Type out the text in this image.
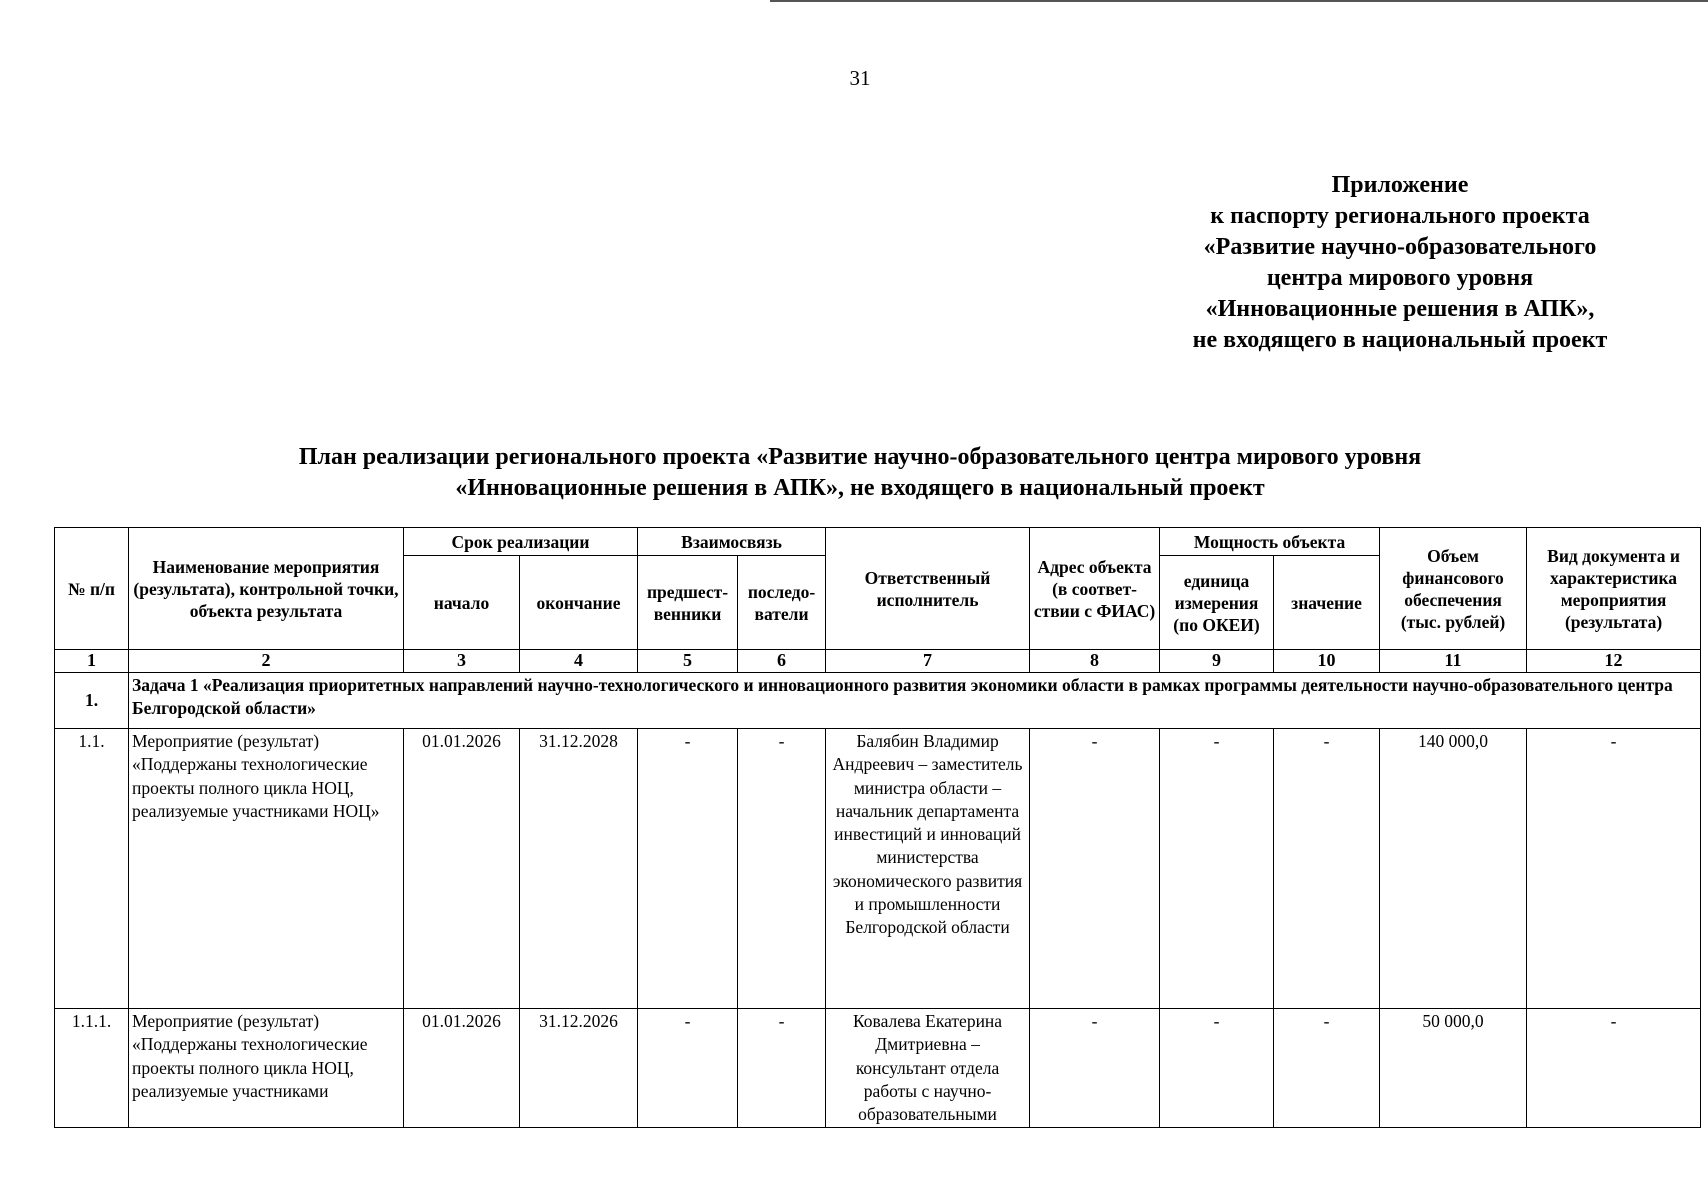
31
Приложение
к паспорту регионального проекта
«Развитие научно-образовательного
центра мирового уровня
«Инновационные решения в АПК»,
не входящего в национальный проект
План реализации регионального проекта «Развитие научно-образовательного центра мирового уровня
«Инновационные решения в АПК», не входящего в национальный проект
№ п/п	Наименование мероприятия (результата), контрольной точки, объекта результата	Срок реализации		Взаимосвязь		Ответственный исполнитель	Адрес объекта (в соответ-ствии с ФИАС)	Мощность объекта		Объем финансового обеспечения (тыс. рублей)	Вид документа и характеристика мероприятия (результата)
		начало	окончание	предшест-венники	последо-ватели			единица измерения (по ОКЕИ)	значение		
1	2	3	4	5	6	7	8	9	10	11	12
1.	Задача 1 «Реализация приоритетных направлений научно-технологического и инновационного развития экономики области в рамках программы деятельности научно-образовательного центра Белгородской области»										
1.1.	Мероприятие (результат) «Поддержаны технологические проекты полного цикла НОЦ, реализуемые участниками НОЦ»	01.01.2026	31.12.2028	-	-	Балябин Владимир Андреевич – заместитель министра области – начальник департамента инвестиций и инноваций министерства экономического развития и промышленности Белгородской области	-	-	-	140 000,0	-
1.1.1.	Мероприятие (результат) «Поддержаны технологические проекты полного цикла НОЦ, реализуемые участниками	01.01.2026	31.12.2026	-	-	Ковалева Екатерина Дмитриевна – консультант отдела работы с научно-образовательными	-	-	-	50 000,0	-
